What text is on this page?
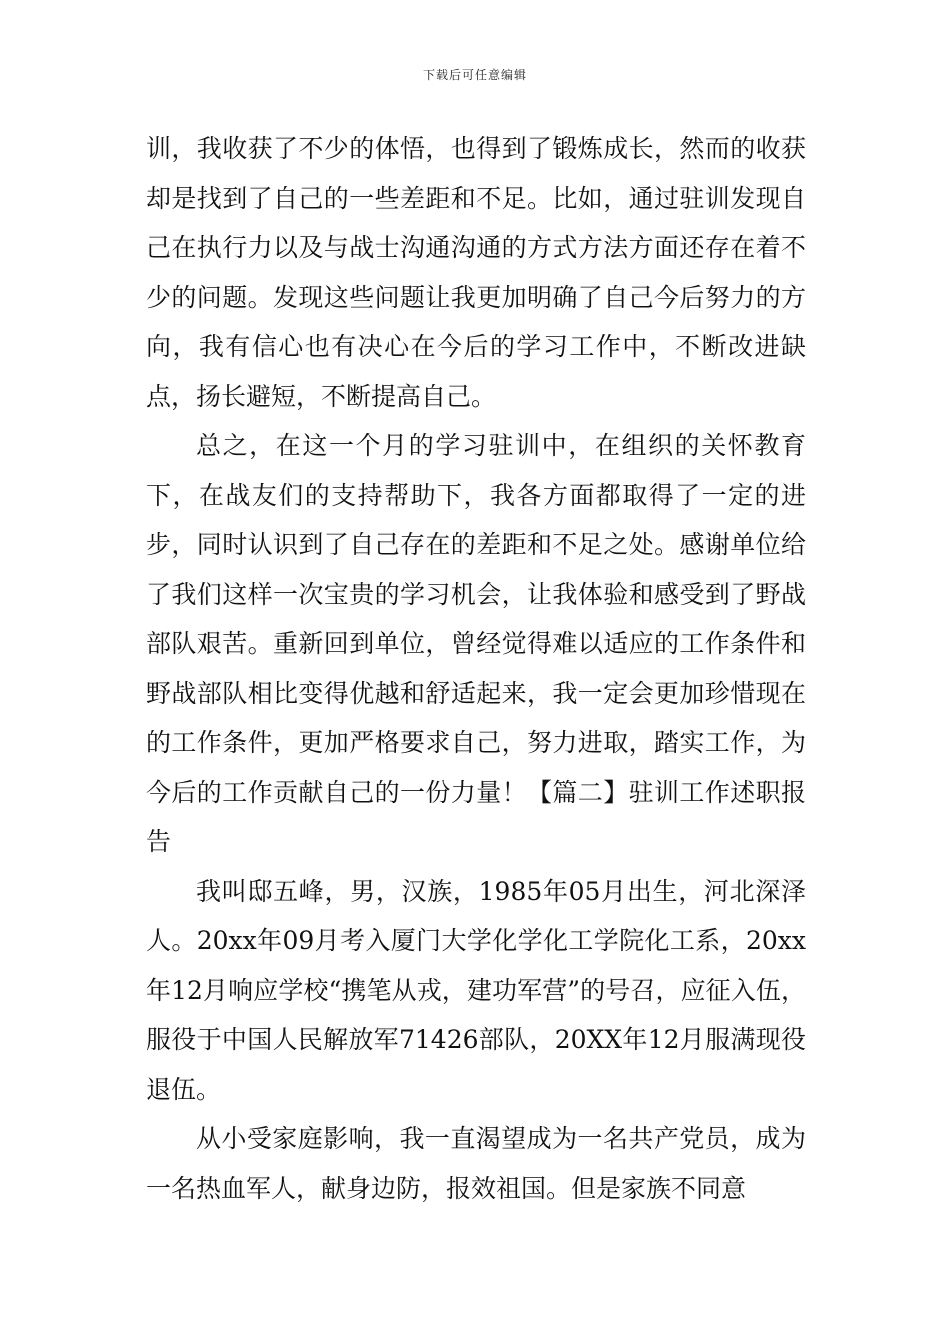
下载后可任意编辑

训，我收获了不少的体悟，也得到了锻炼成长，然而的收获却是找到了自己的一些差距和不足。比如，通过驻训发现自己在执行力以及与战士沟通沟通的方式方法方面还存在着不少的问题。发现这些问题让我更加明确了自己今后努力的方向，我有信心也有决心在今后的学习工作中，不断改进缺点，扬长避短，不断提高自己。

总之，在这一个月的学习驻训中，在组织的关怀教育下，在战友们的支持帮助下，我各方面都取得了一定的进步，同时认识到了自己存在的差距和不足之处。感谢单位给了我们这样一次宝贵的学习机会，让我体验和感受到了野战部队艰苦。重新回到单位，曾经觉得难以适应的工作条件和野战部队相比变得优越和舒适起来，我一定会更加珍惜现在的工作条件，更加严格要求自己，努力进取，踏实工作，为今后的工作贡献自己的一份力量！【篇二】驻训工作述职报告

我叫邸五峰，男，汉族，1985年05月出生，河北深泽人。20xx年09月考入厦门大学化学化工学院化工系，20xx年12月响应学校“携笔从戎，建功军营”的号召，应征入伍，服役于中国人民解放军71426部队，20XX年12月服满现役退伍。

从小受家庭影响，我一直渴望成为一名共产党员，成为一名热血军人，献身边防，报效祖国。但是家族不同意
